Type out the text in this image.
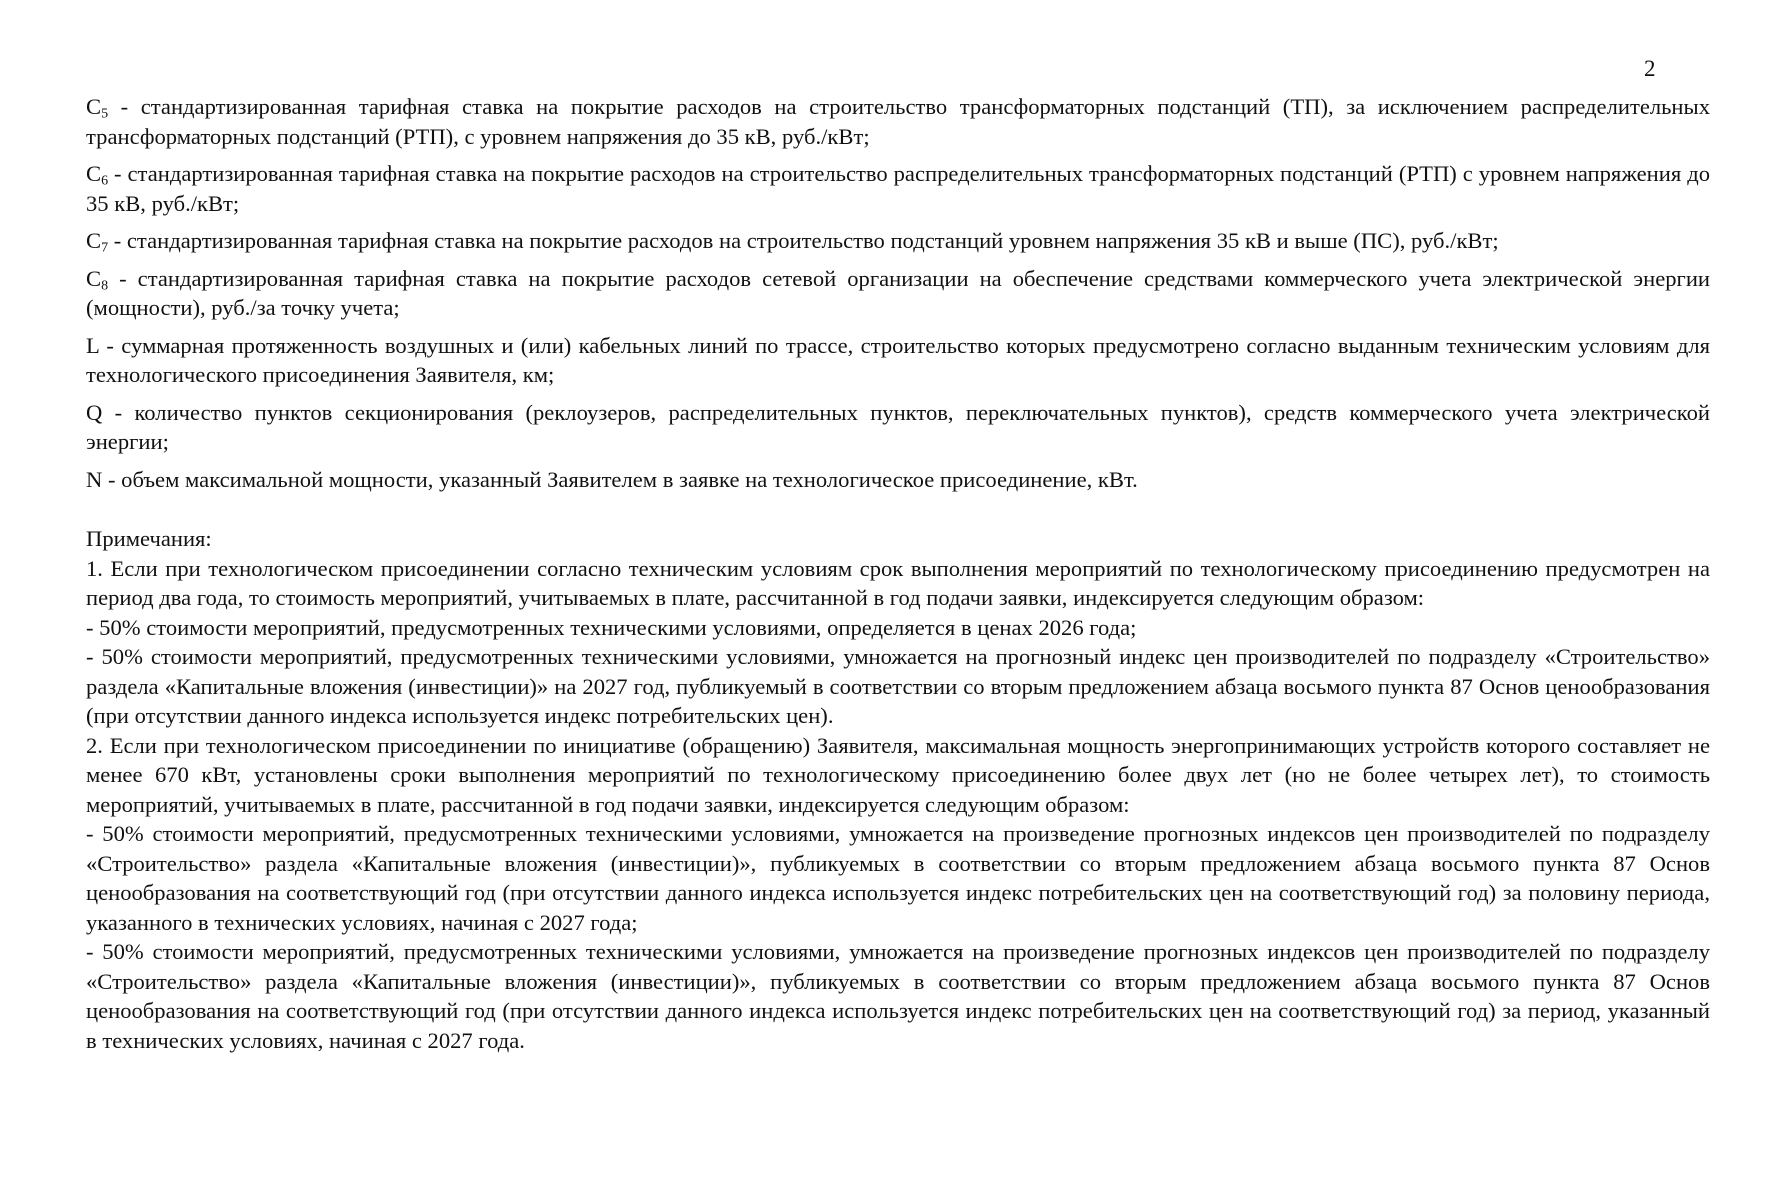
2

$C_5$ - стандартизированная тарифная ставка на покрытие расходов на строительство трансформаторных подстанций (ТП), за исключением распределительных трансформаторных подстанций (РТП), с уровнем напряжения до 35 кВ, руб./кВт;

$C_6$ - стандартизированная тарифная ставка на покрытие расходов на строительство распределительных трансформаторных подстанций (РТП) с уровнем напряжения до 35 кВ, руб./кВт;

$C_7$ - стандартизированная тарифная ставка на покрытие расходов на строительство подстанций уровнем напряжения 35 кВ и выше (ПС), руб./кВт;

$C_8$ - стандартизированная тарифная ставка на покрытие расходов сетевой организации на обеспечение средствами коммерческого учета электрической энергии (мощности), руб./за точку учета;

L - суммарная протяженность воздушных и (или) кабельных линий по трассе, строительство которых предусмотрено согласно выданным техническим условиям для технологического присоединения Заявителя, км;

Q - количество пунктов секционирования (реклоузеров, распределительных пунктов, переключательных пунктов), средств коммерческого учета электрической энергии;

N - объем максимальной мощности, указанный Заявителем в заявке на технологическое присоединение, кВт.

Примечания:

1. Если при технологическом присоединении согласно техническим условиям срок выполнения мероприятий по технологическому присоединению предусмотрен на период два года, то стоимость мероприятий, учитываемых в плате, рассчитанной в год подачи заявки, индексируется следующим образом:

- 50% стоимости мероприятий, предусмотренных техническими условиями, определяется в ценах 2026 года;

- 50% стоимости мероприятий, предусмотренных техническими условиями, умножается на прогнозный индекс цен производителей по подразделу «Строительство» раздела «Капитальные вложения (инвестиции)» на 2027 год, публикуемый в соответствии со вторым предложением абзаца восьмого пункта 87 Основ ценообразования (при отсутствии данного индекса используется индекс потребительских цен).

2. Если при технологическом присоединении по инициативе (обращению) Заявителя, максимальная мощность энергопринимающих устройств которого составляет не менее 670 кВт, установлены сроки выполнения мероприятий по технологическому присоединению более двух лет (но не более четырех лет), то стоимость мероприятий, учитываемых в плате, рассчитанной в год подачи заявки, индексируется следующим образом:

- 50% стоимости мероприятий, предусмотренных техническими условиями, умножается на произведение прогнозных индексов цен производителей по подразделу «Строительство» раздела «Капитальные вложения (инвестиции)», публикуемых в соответствии со вторым предложением абзаца восьмого пункта 87 Основ ценообразования на соответствующий год (при отсутствии данного индекса используется индекс потребительских цен на соответствующий год) за половину периода, указанного в технических условиях, начиная с 2027 года;

- 50% стоимости мероприятий, предусмотренных техническими условиями, умножается на произведение прогнозных индексов цен производителей по подразделу «Строительство» раздела «Капитальные вложения (инвестиции)», публикуемых в соответствии со вторым предложением абзаца восьмого пункта 87 Основ ценообразования на соответствующий год (при отсутствии данного индекса используется индекс потребительских цен на соответствующий год) за период, указанный в технических условиях, начиная с 2027 года.
